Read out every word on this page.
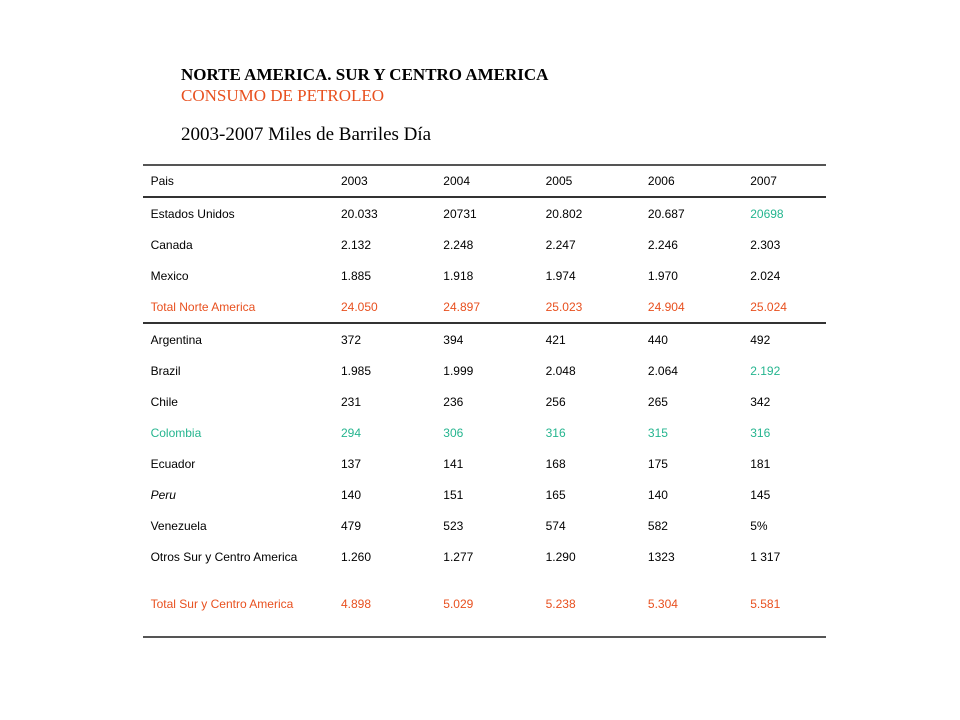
NORTE AMERICA. SUR Y CENTRO AMERICA
CONSUMO DE PETROLEO
2003-2007 Miles de Barriles Día
Pais	2003	2004	2005	2006	2007
Estados Unidos	20.033	20731	20.802	20.687	20698
Canada	2.132	2.248	2.247	2.246	2.303
Mexico	1.885	1.918	1.974	1.970	2.024
Total Norte America	24.050	24.897	25.023	24.904	25.024
Argentina	372	394	421	440	492
Brazil	1.985	1.999	2.048	2.064	2.192
Chile	231	236	256	265	342
Colombia	294	306	316	315	316
Ecuador	137	141	168	175	181
Peru	140	151	165	140	145
Venezuela	479	523	574	582	5%
Otros Sur y Centro America	1.260	1.277	1.290	1323	1 317
Total Sur y Centro America	4.898	5.029	5.238	5.304	5.581
